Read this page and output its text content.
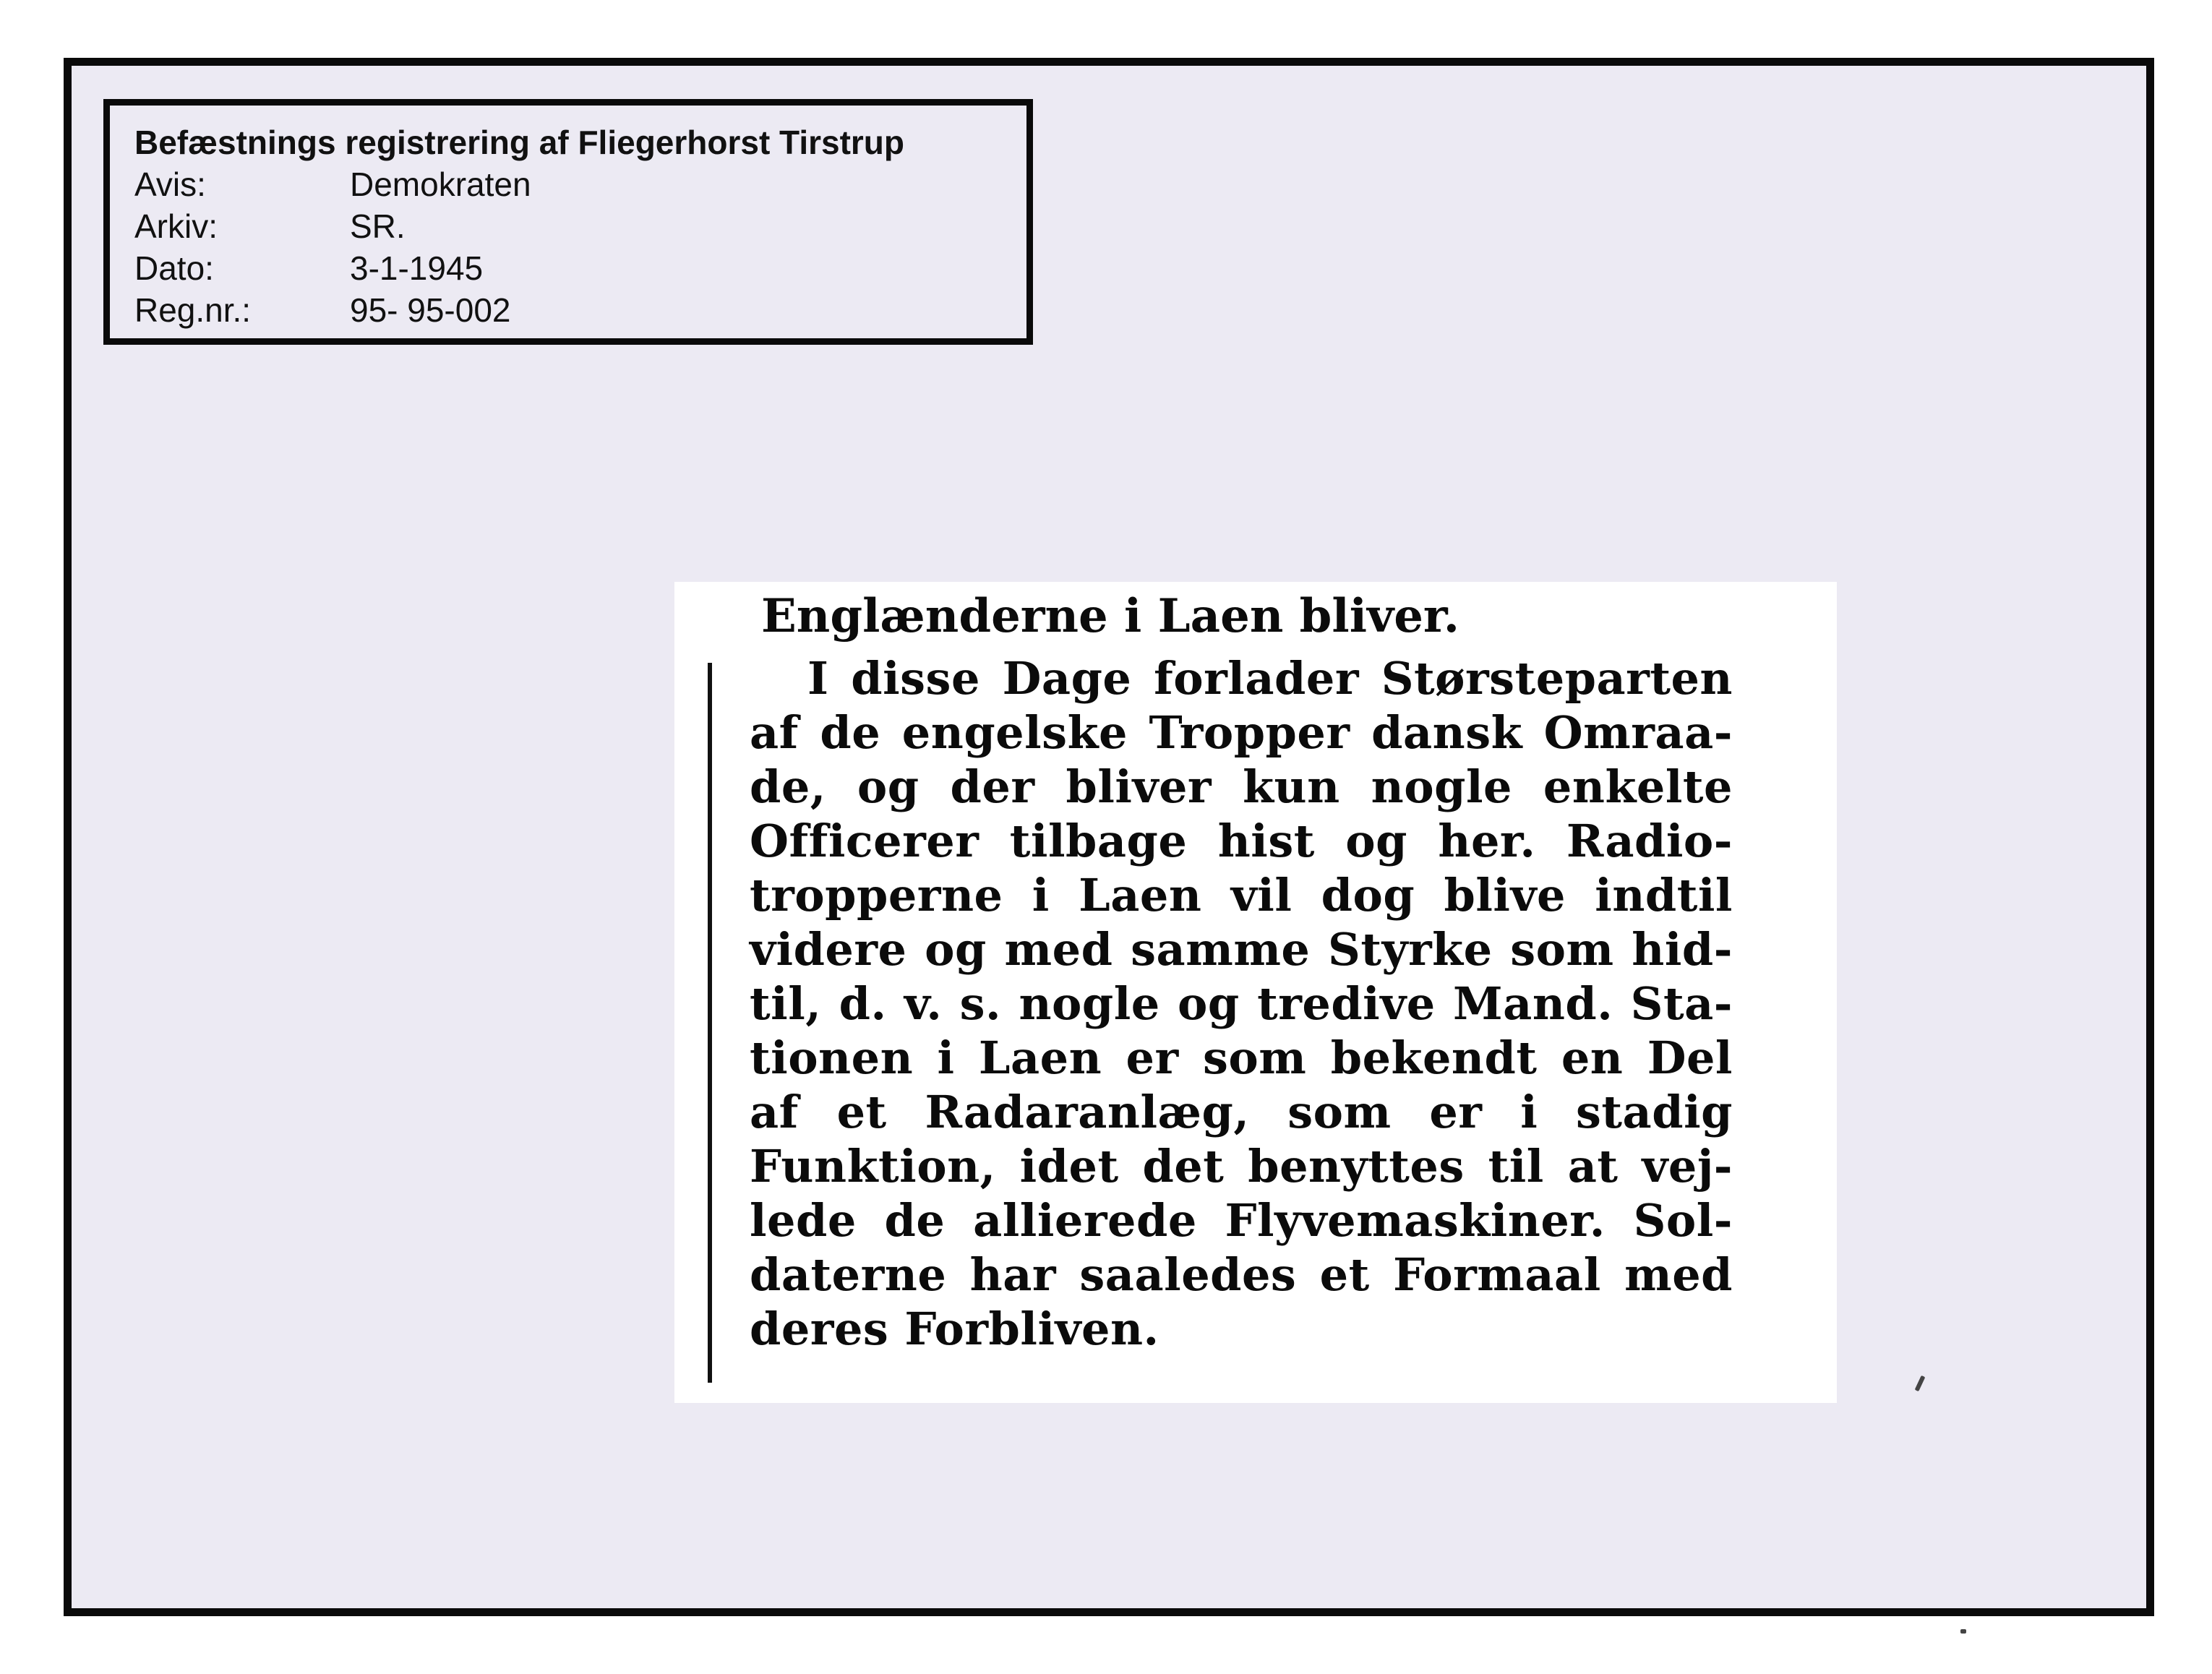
Befæstnings registrering af Fliegerhorst Tirstrup
Avis:	Demokraten
Arkiv:	SR.
Dato:	3-1-1945
Reg.nr.:	95- 95-002
Englænderne i Laen bliver.
I disse Dage forlader Størsteparten
af de engelske Tropper dansk Omraa-
de, og der bliver kun nogle enkelte
Officerer tilbage hist og her. Radio-
tropperne i Laen vil dog blive indtil
videre og med samme Styrke som hid-
til, d. v. s. nogle og tredive Mand. Sta-
tionen i Laen er som bekendt en Del
af et Radaranlæg, som er i stadig
Funktion, idet det benyttes til at vej-
lede de allierede Flyvemaskiner. Sol-
daterne har saaledes et Formaal med
deres Forbliven.
